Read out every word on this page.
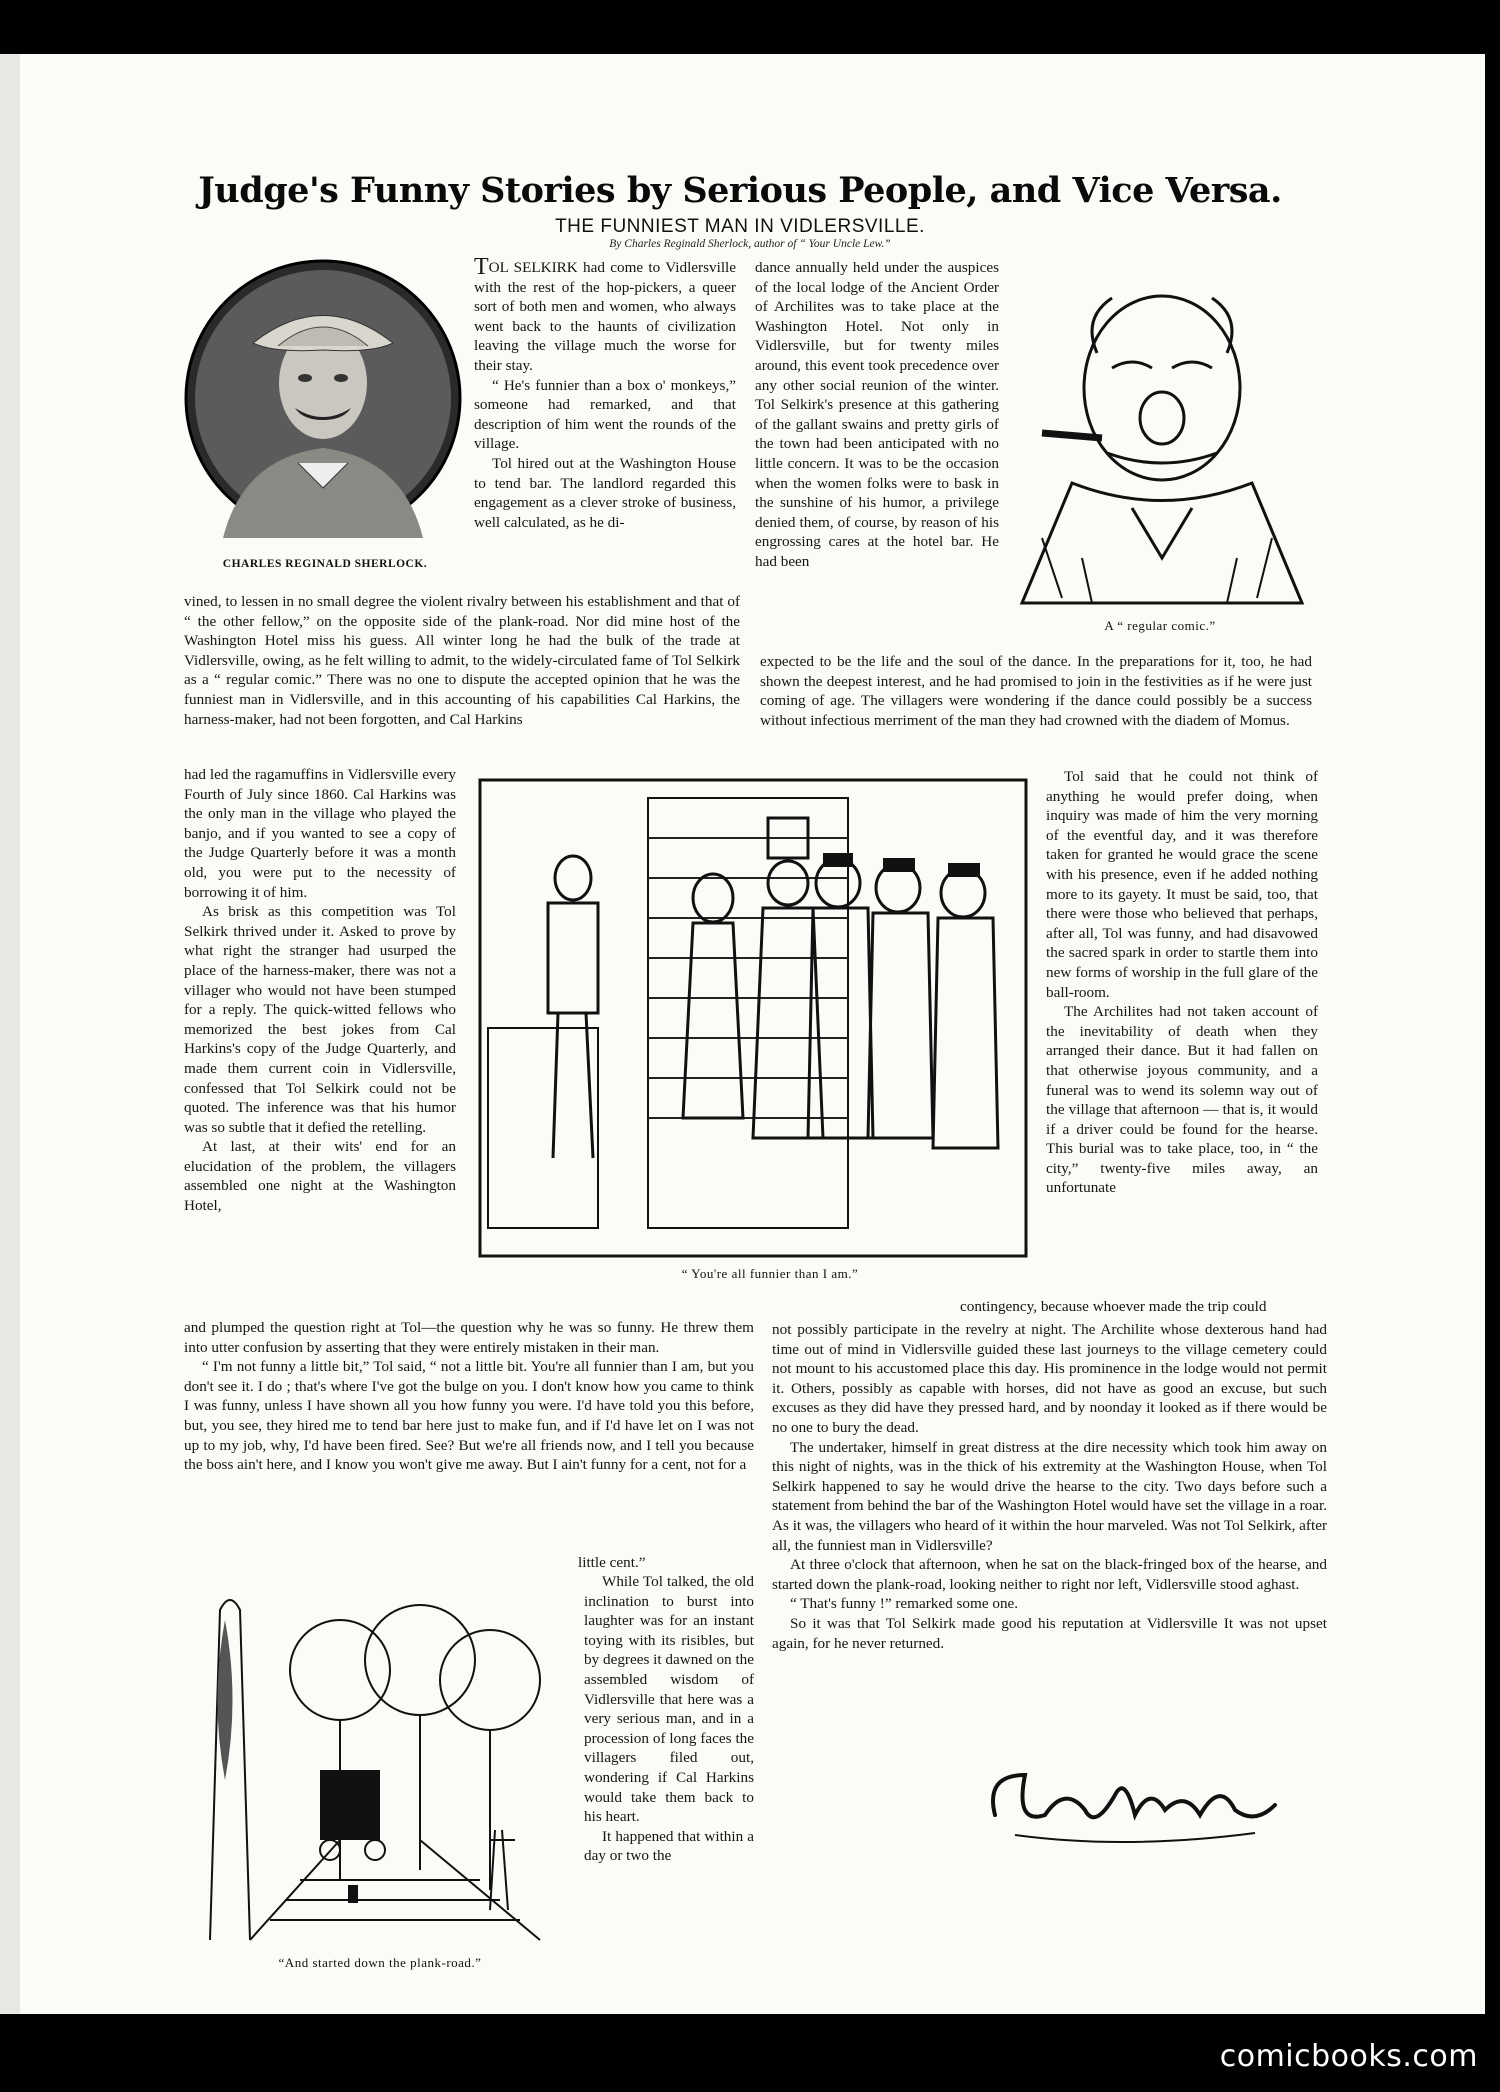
Judge's Funny Stories by Serious People, and Vice Versa.
THE FUNNIEST MAN IN VIDLERSVILLE.
By Charles Reginald Sherlock, author of “ Your Uncle Lew.”
CHARLES REGINALD SHERLOCK.
A “ regular comic.”

TOL SELKIRK had come to Vidlersville with the rest of the hop-pickers, a queer sort of both men and women, who always went back to the haunts of civilization leaving the village much the worse for their stay.

“ He's funnier than a box o' monkeys,” someone had remarked, and that description of him went the rounds of the village.

Tol hired out at the Washington House to tend bar. The landlord regarded this engagement as a clever stroke of business, well calculated, as he di-

dance annually held under the auspices of the local lodge of the Ancient Order of Archilites was to take place at the Washington Hotel. Not only in Vidlersville, but for twenty miles around, this event took precedence over any other social reunion of the winter. Tol Selkirk's presence at this gathering of the gallant swains and pretty girls of the town had been anticipated with no little concern. It was to be the occasion when the women folks were to bask in the sunshine of his humor, a privilege denied them, of course, by reason of his engrossing cares at the hotel bar. He had been

vined, to lessen in no small degree the violent rivalry between his establishment and that of “ the other fellow,” on the opposite side of the plank-road. Nor did mine host of the Washington Hotel miss his guess. All winter long he had the bulk of the trade at Vidlersville, owing, as he felt willing to admit, to the widely-circulated fame of Tol Selkirk as a “ regular comic.” There was no one to dispute the accepted opinion that he was the funniest man in Vidlersville, and in this accounting of his capabilities Cal Harkins, the harness-maker, had not been forgotten, and Cal Harkins

expected to be the life and the soul of the dance. In the preparations for it, too, he had shown the deepest interest, and he had promised to join in the festivities as if he were just coming of age. The villagers were wondering if the dance could possibly be a success without infectious merriment of the man they had crowned with the diadem of Momus.

“ You're all funnier than I am.”

had led the ragamuffins in Vidlersville every Fourth of July since 1860. Cal Harkins was the only man in the village who played the banjo, and if you wanted to see a copy of the Judge Quarterly before it was a month old, you were put to the necessity of borrowing it of him.

As brisk as this competition was Tol Selkirk thrived under it. Asked to prove by what right the stranger had usurped the place of the harness-maker, there was not a villager who would not have been stumped for a reply. The quick-witted fellows who memorized the best jokes from Cal Harkins's copy of the Judge Quarterly, and made them current coin in Vidlersville, confessed that Tol Selkirk could not be quoted. The inference was that his humor was so subtle that it defied the retelling.

At last, at their wits' end for an elucidation of the problem, the villagers assembled one night at the Washington Hotel,

Tol said that he could not think of anything he would prefer doing, when inquiry was made of him the very morning of the eventful day, and it was therefore taken for granted he would grace the scene with his presence, even if he added nothing more to its gayety. It must be said, too, that there were those who believed that perhaps, after all, Tol was funny, and had disavowed the sacred spark in order to startle them into new forms of worship in the full glare of the ball-room.

The Archilites had not taken account of the inevitability of death when they arranged their dance. But it had fallen on that otherwise joyous community, and a funeral was to wend its solemn way out of the village that afternoon — that is, it would if a driver could be found for the hearse. This burial was to take place, too, in “ the city,” twenty-five miles away, an unfortunate

contingency, because whoever made the trip could

and plumped the question right at Tol—the question why he was so funny. He threw them into utter confusion by asserting that they were entirely mistaken in their man.

“ I'm not funny a little bit,” Tol said, “ not a little bit. You're all funnier than I am, but you don't see it. I do ; that's where I've got the bulge on you. I don't know how you came to think I was funny, unless I have shown all you how funny you were. I'd have told you this before, but, you see, they hired me to tend bar here just to make fun, and if I'd have let on I was not up to my job, why, I'd have been fired. See? But we're all friends now, and I tell you because the boss ain't here, and I know you won't give me away. But I ain't funny for a cent, not for a

little cent.”

“And started down the plank-road.”

While Tol talked, the old inclination to burst into laughter was for an instant toying with its risibles, but by degrees it dawned on the assembled wisdom of Vidlersville that here was a very serious man, and in a procession of long faces the villagers filed out, wondering if Cal Harkins would take them back to his heart.

It happened that within a day or two the

not possibly participate in the revelry at night. The Archilite whose dexterous hand had time out of mind in Vidlersville guided these last journeys to the village cemetery could not mount to his accustomed place this day. His prominence in the lodge would not permit it. Others, possibly as capable with horses, did not have as good an excuse, but such excuses as they did have they pressed hard, and by noonday it looked as if there would be no one to bury the dead.

The undertaker, himself in great distress at the dire necessity which took him away on this night of nights, was in the thick of his extremity at the Washington House, when Tol Selkirk happened to say he would drive the hearse to the city. Two days before such a statement from behind the bar of the Washington Hotel would have set the village in a roar. As it was, the villagers who heard of it within the hour marveled. Was not Tol Selkirk, after all, the funniest man in Vidlersville?

At three o'clock that afternoon, when he sat on the black-fringed box of the hearse, and started down the plank-road, looking neither to right nor left, Vidlersville stood aghast.

“ That's funny !” remarked some one.

So it was that Tol Selkirk made good his reputation at Vidlersville It was not upset again, for he never returned.

comicbooks.com
